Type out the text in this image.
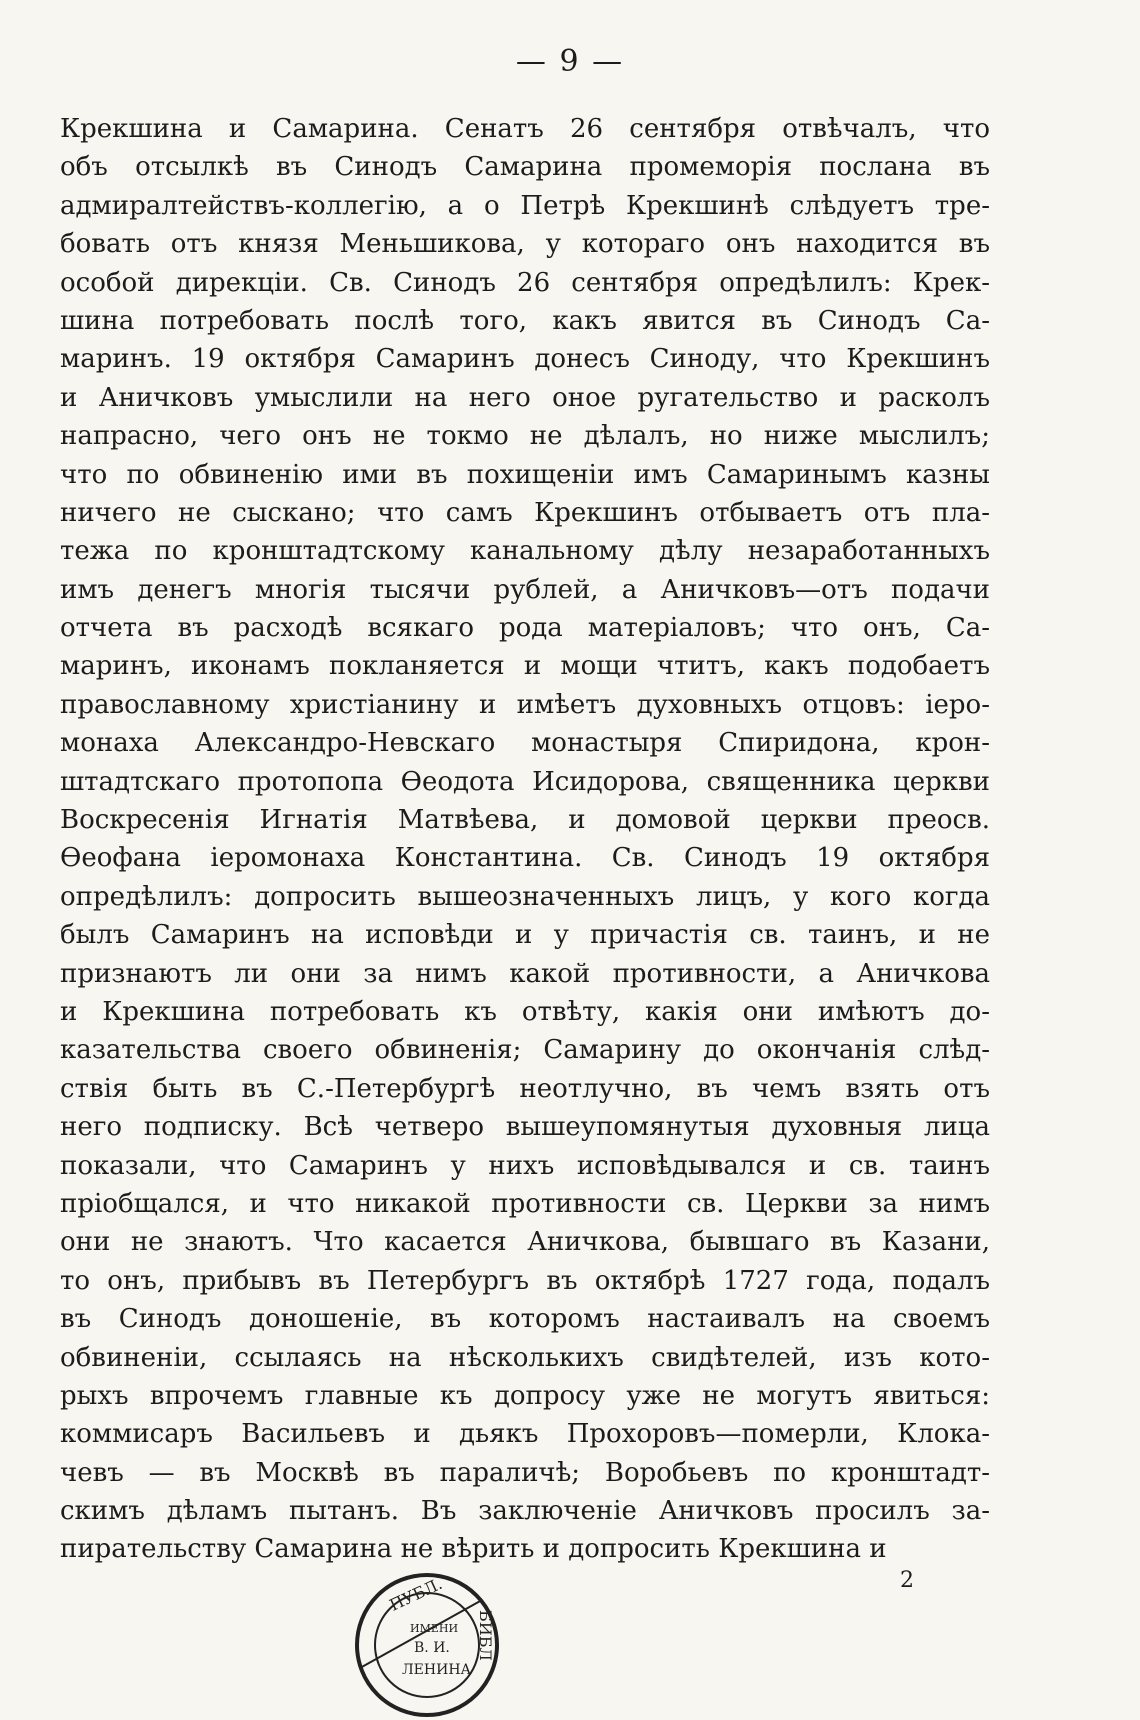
— 9 —
Крекшина и Самарина. Сенатъ 26 сентября отвѣчалъ, что
объ отсылкѣ въ Синодъ Самарина промеморія послана въ
адмиралтействъ-коллегію, а о Петрѣ Крекшинѣ слѣдуетъ тре-
бовать отъ князя Меньшикова, у котораго онъ находится въ
особой дирекціи. Св. Синодъ 26 сентября опредѣлилъ: Крек-
шина потребовать послѣ того, какъ явится въ Синодъ Са-
маринъ. 19 октября Самаринъ донесъ Синоду, что Крекшинъ
и Аничковъ умыслили на него оное ругательство и расколъ
напрасно, чего онъ не токмо не дѣлалъ, но ниже мыслилъ;
что по обвиненію ими въ похищеніи имъ Самаринымъ казны
ничего не сыскано; что самъ Крекшинъ отбываетъ отъ пла-
тежа по кронштадтскому канальному дѣлу незаработанныхъ
имъ денегъ многія тысячи рублей, а Аничковъ—отъ подачи
отчета въ расходѣ всякаго рода матеріаловъ; что онъ, Са-
маринъ, иконамъ покланяется и мощи чтитъ, какъ подобаетъ
православному христіанину и имѣетъ духовныхъ отцовъ: іеро-
монаха Александро-Невскаго монастыря Спиридона, крон-
штадтскаго протопопа Ѳеодота Исидорова, священника церкви
Воскресенія Игнатія Матвѣева, и домовой церкви преосв.
Ѳеофана іеромонаха Константина. Св. Синодъ 19 октября
опредѣлилъ: допросить вышеозначенныхъ лицъ, у кого когда
былъ Самаринъ на исповѣди и у причастія св. таинъ, и не
признаютъ ли они за нимъ какой противности, а Аничкова
и Крекшина потребовать къ отвѣту, какія они имѣютъ до-
казательства своего обвиненія; Самарину до окончанія слѣд-
ствія быть въ С.-Петербургѣ неотлучно, въ чемъ взять отъ
него подписку. Всѣ четверо вышеупомянутыя духовныя лица
показали, что Самаринъ у нихъ исповѣдывался и св. таинъ
пріобщался, и что никакой противности св. Церкви за нимъ
они не знаютъ. Что касается Аничкова, бывшаго въ Казани,
то онъ, прибывъ въ Петербургъ въ октябрѣ 1727 года, подалъ
въ Синодъ доношеніе, въ которомъ настаивалъ на своемъ
обвиненіи, ссылаясь на нѣсколькихъ свидѣтелей, изъ кото-
рыхъ впрочемъ главные къ допросу уже не могутъ явиться:
коммисаръ Васильевъ и дьякъ Прохоровъ—померли, Клока-
чевъ — въ Москвѣ въ параличѣ; Воробьевъ по кронштадт-
скимъ дѣламъ пытанъ. Въ заключеніе Аничковъ просилъ за-
пирательству Самарина не вѣрить и допросить Крекшина и
ПУБЛ.
ИМЕНИ
В. И.
ЛЕНИНА
БИБЛ
2
